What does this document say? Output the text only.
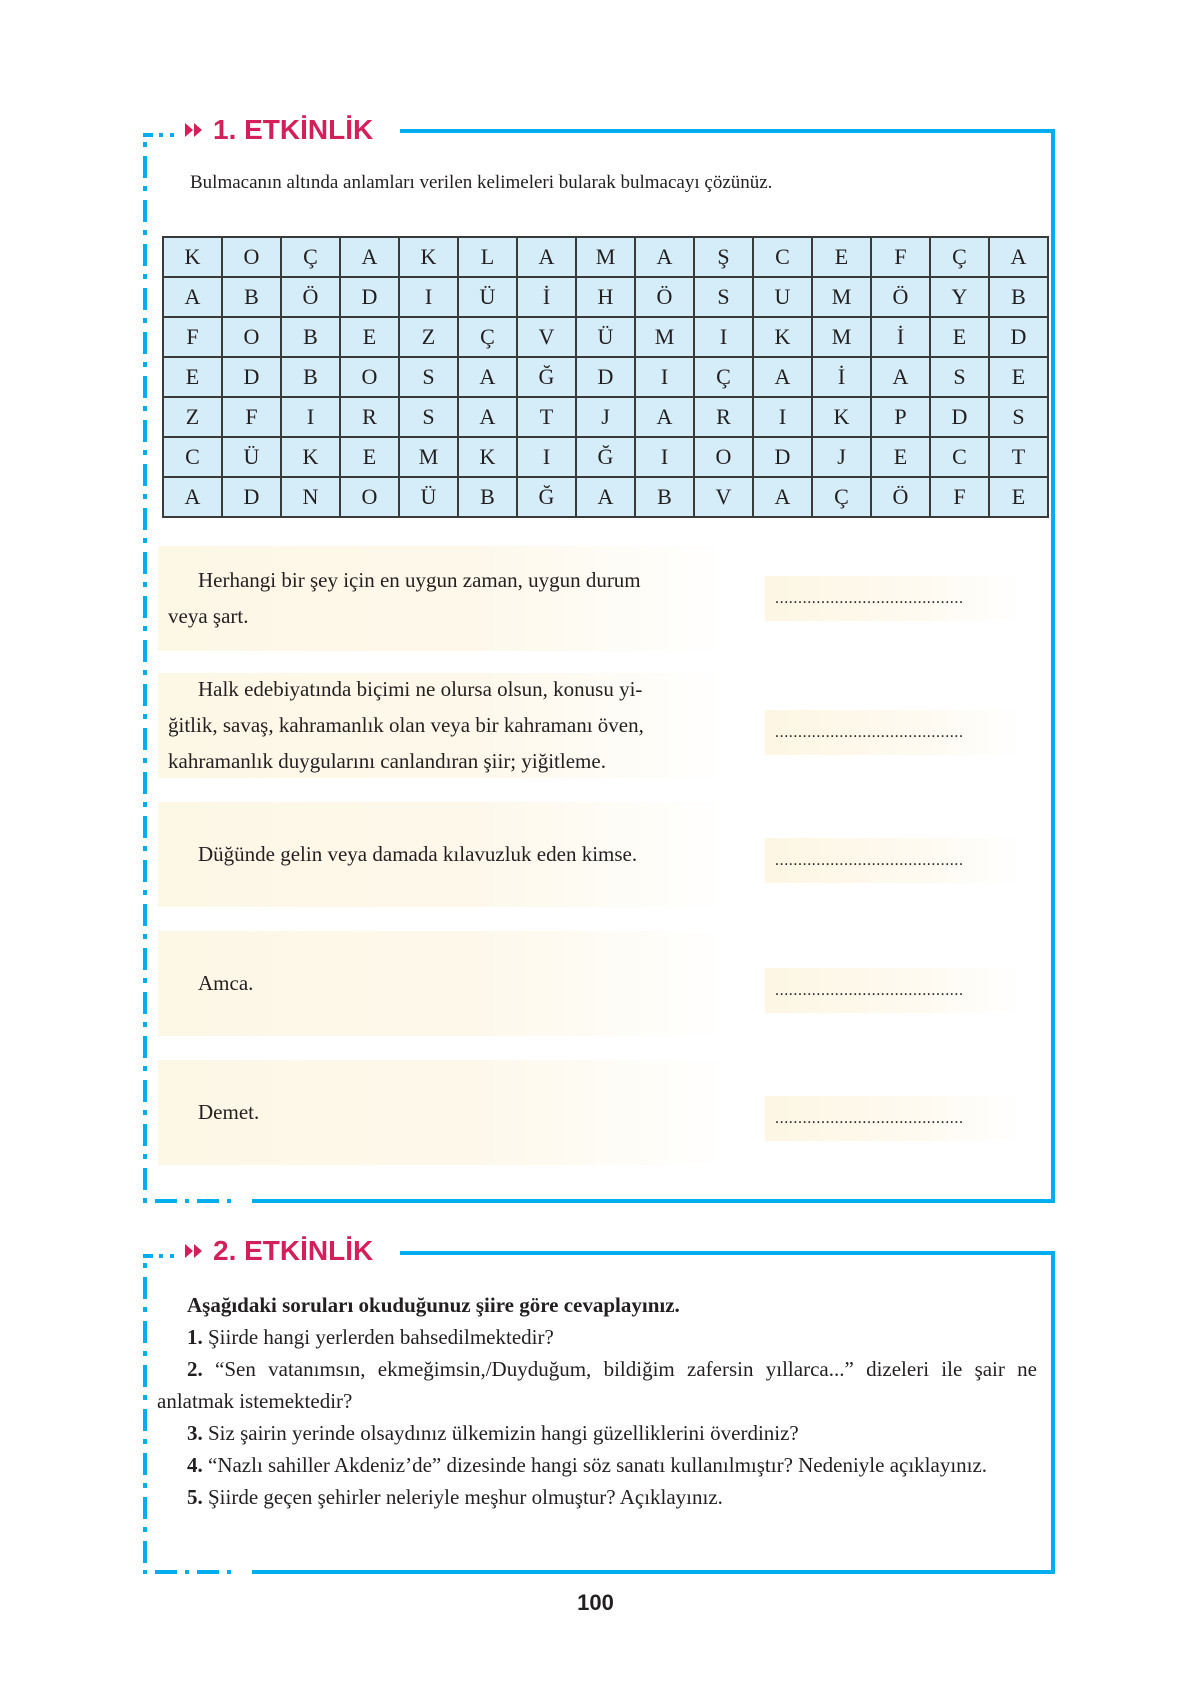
1. ETKİNLİK
Bulmacanın altında anlamları verilen kelimeleri bularak bulmacayı çözünüz.
K	O	Ç	A	K	L	A	M	A	Ş	C	E	F	Ç	A
A	B	Ö	D	I	Ü	İ	H	Ö	S	U	M	Ö	Y	B
F	O	B	E	Z	Ç	V	Ü	M	I	K	M	İ	E	D
E	D	B	O	S	A	Ğ	D	I	Ç	A	İ	A	S	E
Z	F	I	R	S	A	T	J	A	R	I	K	P	D	S
C	Ü	K	E	M	K	I	Ğ	I	O	D	J	E	C	T
A	D	N	O	Ü	B	Ğ	A	B	V	A	Ç	Ö	F	E
Herhangi bir şey için en uygun zaman, uygun durum
veya şart.
.........................................
Halk edebiyatında biçimi ne olursa olsun, konusu yi-
ğitlik, savaş, kahramanlık olan veya bir kahramanı öven,
kahramanlık duygularını canlandıran şiir; yiğitleme.
.........................................
Düğünde gelin veya damada kılavuzluk eden kimse.	.........................................
Amca.	.........................................
Demet.	.........................................
2. ETKİNLİK
Aşağıdaki soruları okuduğunuz şiire göre cevaplayınız.
1. Şiirde hangi yerlerden bahsedilmektedir?
2. “Sen vatanımsın, ekmeğimsin,/Duyduğum, bildiğim zafersin yıllarca...” dizeleri ile şair ne anlatmak istemektedir?
3. Siz şairin yerinde olsaydınız ülkemizin hangi güzelliklerini överdiniz?
4. “Nazlı sahiller Akdeniz’de” dizesinde hangi söz sanatı kullanılmıştır? Nedeniyle açıklayınız.
5. Şiirde geçen şehirler neleriyle meşhur olmuştur? Açıklayınız.
100
